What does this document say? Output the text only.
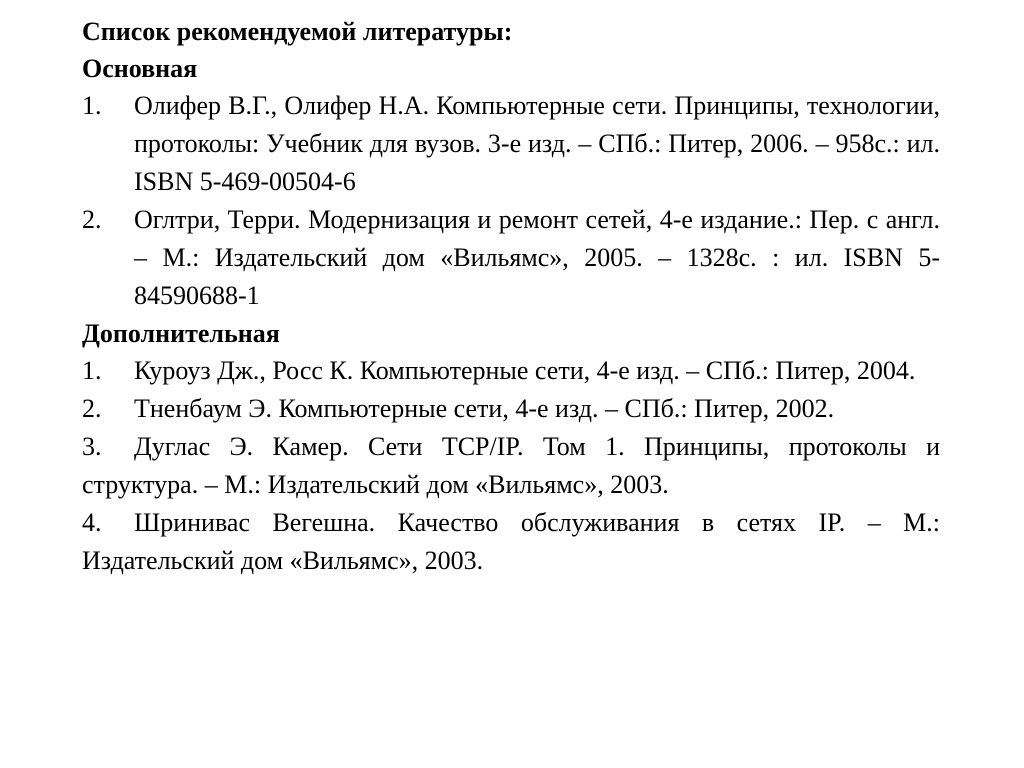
Список рекомендуемой литературы:
Основная
1. Олифер В.Г., Олифер Н.А. Компьютерные сети. Принципы, технологии, протоколы: Учебник для вузов. 3-е изд. – СПб.: Питер, 2006. – 958с.: ил. ISBN 5-469-00504-6
2. Оглтри, Терри. Модернизация и ремонт сетей, 4-е издание.: Пер. с англ. – М.: Издательский дом «Вильямс», 2005. – 1328с. : ил. ISBN 5-84590688-1
Дополнительная
1. Куроуз Дж., Росс К. Компьютерные сети, 4-е изд. – СПб.: Питер, 2004.
2. Тненбаум Э. Компьютерные сети, 4-е изд. – СПб.: Питер, 2002.
3. Дуглас Э. Камер. Сети TCP/IP. Том 1. Принципы, протоколы и структура. – М.: Издательский дом «Вильямс», 2003.
4. Шринивас Вегешна. Качество обслуживания в сетях IP. – М.: Издательский дом «Вильямс», 2003.
